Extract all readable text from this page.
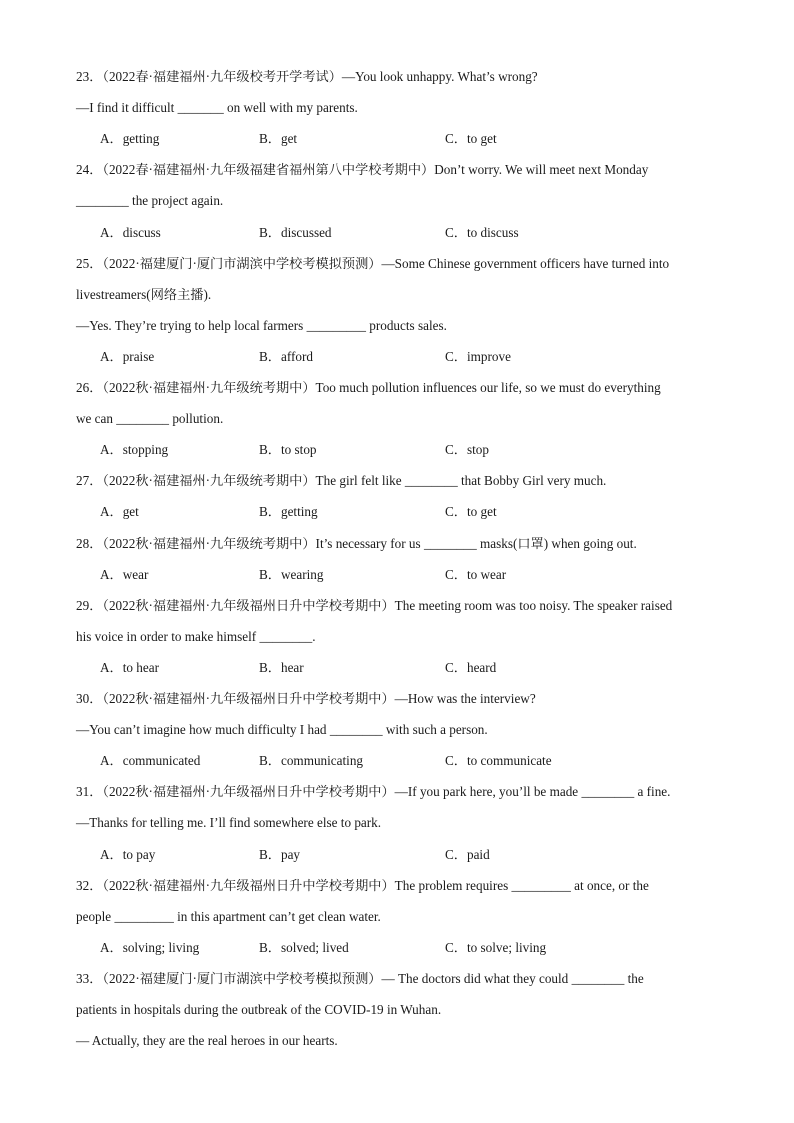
23．（2022春·福建福州·九年级校考开学考试）—You look unhappy. What’s wrong?
—I find it difficult _______ on well with my parents.
A．getting	B．get	C．to get
24．（2022春·福建福州·九年级福建省福州第八中学校考期中）Don’t worry. We will meet next Monday
________ the project again.
A．discuss	B．discussed	C．to discuss
25．（2022·福建厦门·厦门市湖滨中学校考模拟预测）—Some Chinese government officers have turned into
livestreamers(网络主播).
—Yes. They’re trying to help local farmers _________ products sales.
A．praise	B．afford	C．improve
26．（2022秋·福建福州·九年级统考期中）Too much pollution influences our life, so we must do everything
we can ________ pollution.
A．stopping	B．to stop	C．stop
27．（2022秋·福建福州·九年级统考期中）The girl felt like ________ that Bobby Girl very much.
A．get	B．getting	C．to get
28．（2022秋·福建福州·九年级统考期中）It’s necessary for us ________ masks(口罩) when going out.
A．wear	B．wearing	C．to wear
29．（2022秋·福建福州·九年级福州日升中学校考期中）The meeting room was too noisy. The speaker raised
his voice in order to make himself ________.
A．to hear	B．hear	C．heard
30．（2022秋·福建福州·九年级福州日升中学校考期中）—How was the interview?
—You can’t imagine how much difficulty I had ________ with such a person.
A．communicated	B．communicating	C．to communicate
31．（2022秋·福建福州·九年级福州日升中学校考期中）—If you park here, you’ll be made ________ a fine.
—Thanks for telling me. I’ll find somewhere else to park.
A．to pay	B．pay	C．paid
32．（2022秋·福建福州·九年级福州日升中学校考期中）The problem requires _________ at once, or the
people _________ in this apartment can’t get clean water.
A．solving; living	B．solved; lived	C．to solve; living
33．（2022·福建厦门·厦门市湖滨中学校考模拟预测）— The doctors did what they could ________ the
patients in hospitals during the outbreak of the COVID-19 in Wuhan.
— Actually, they are the real heroes in our hearts.
